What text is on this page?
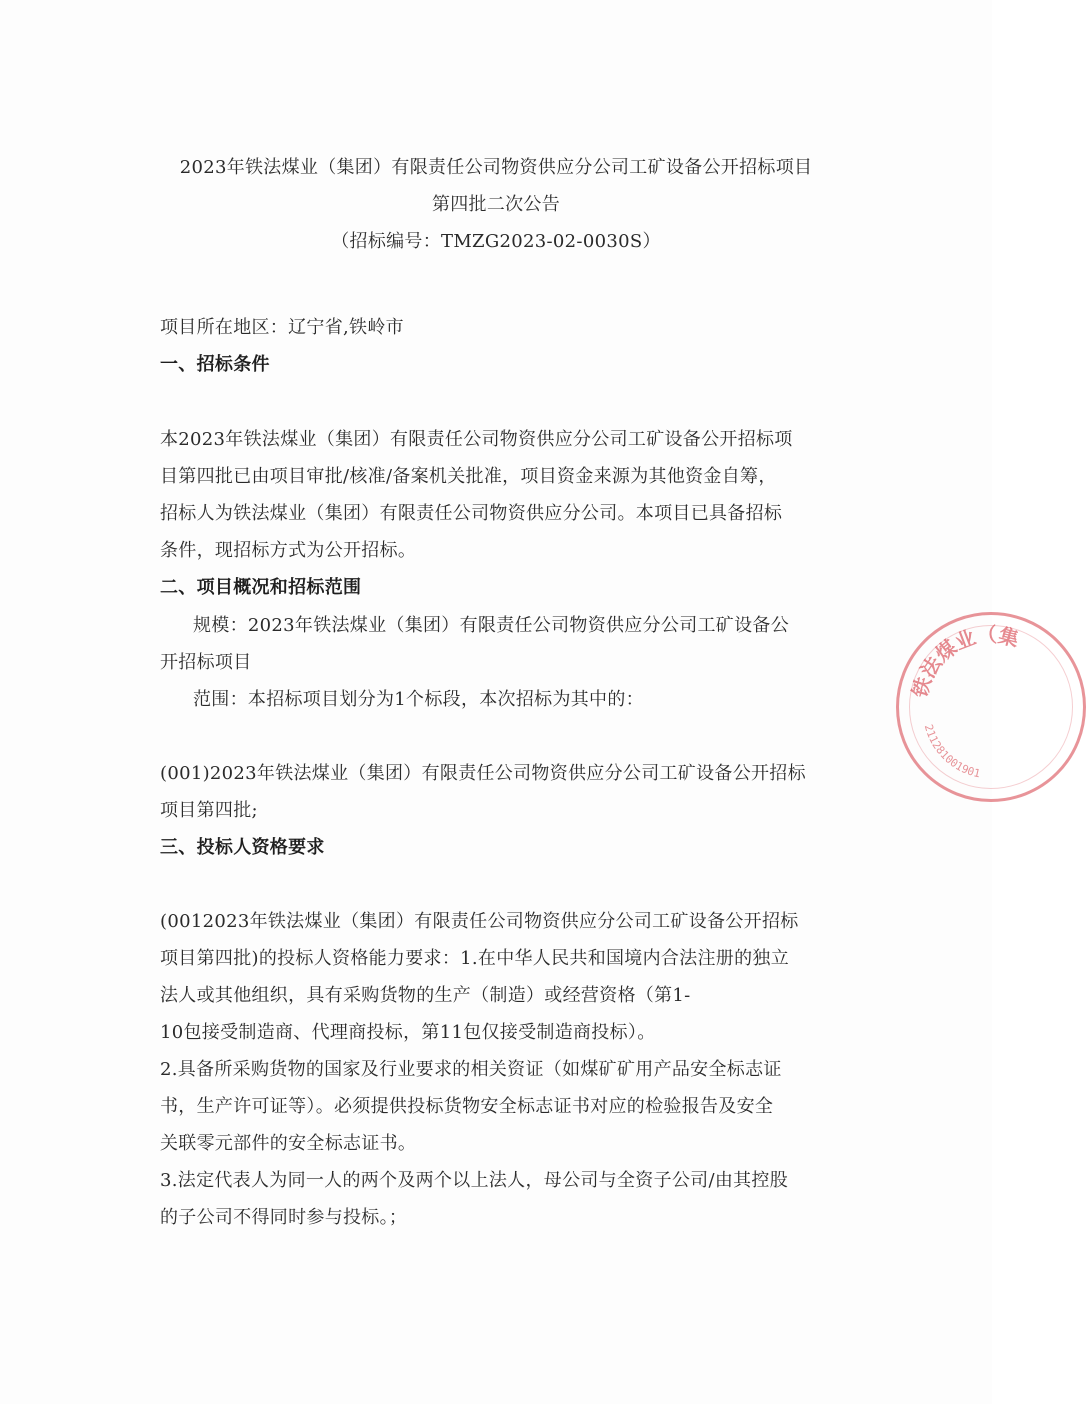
2023年铁法煤业（集团）有限责任公司物资供应分公司工矿设备公开招标项目
第四批二次公告
（招标编号：TMZG2023-02-0030S）
项目所在地区：辽宁省,铁岭市
一、招标条件
本2023年铁法煤业（集团）有限责任公司物资供应分公司工矿设备公开招标项
目第四批已由项目审批/核准/备案机关批准，项目资金来源为其他资金自筹，
招标人为铁法煤业（集团）有限责任公司物资供应分公司。本项目已具备招标
条件，现招标方式为公开招标。
二、项目概况和招标范围
规模：2023年铁法煤业（集团）有限责任公司物资供应分公司工矿设备公
开招标项目
范围：本招标项目划分为1个标段，本次招标为其中的：
(001)2023年铁法煤业（集团）有限责任公司物资供应分公司工矿设备公开招标
项目第四批;
三、投标人资格要求
(0012023年铁法煤业（集团）有限责任公司物资供应分公司工矿设备公开招标
项目第四批)的投标人资格能力要求：1.在中华人民共和国境内合法注册的独立
法人或其他组织，具有采购货物的生产（制造）或经营资格（第1-
10包接受制造商、代理商投标，第11包仅接受制造商投标）。
2.具备所采购货物的国家及行业要求的相关资证（如煤矿矿用产品安全标志证
书，生产许可证等）。必须提供投标货物安全标志证书对应的检验报告及安全
关联零元部件的安全标志证书。
3.法定代表人为同一人的两个及两个以上法人，母公司与全资子公司/由其控股
的子公司不得同时参与投标。；
铁法煤业（集
211281001901
